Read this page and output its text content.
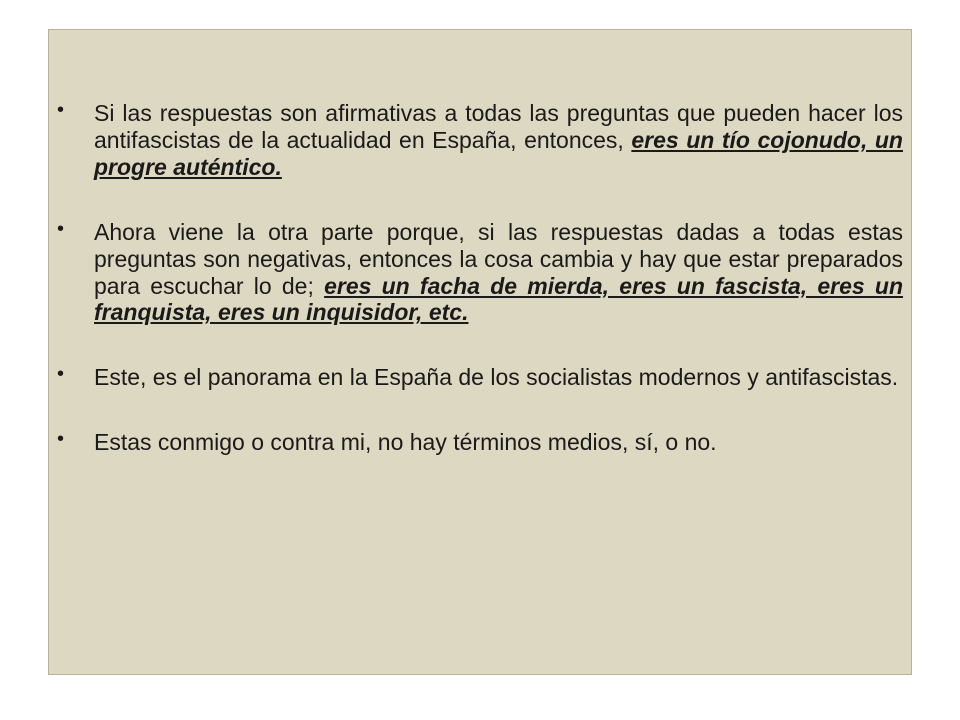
• Si las respuestas son afirmativas a todas las preguntas que pueden hacer los antifascistas de la actualidad en España, entonces, eres un tío cojonudo, un progre auténtico.
• Ahora viene la otra parte porque, si las respuestas dadas a todas estas preguntas son negativas, entonces la cosa cambia y hay que estar preparados para escuchar lo de; eres un facha de mierda, eres un fascista, eres un franquista, eres un inquisidor, etc.
• Este, es el panorama en la España de los socialistas modernos y antifascistas.
• Estas conmigo o contra mi, no hay términos medios, sí, o no.
